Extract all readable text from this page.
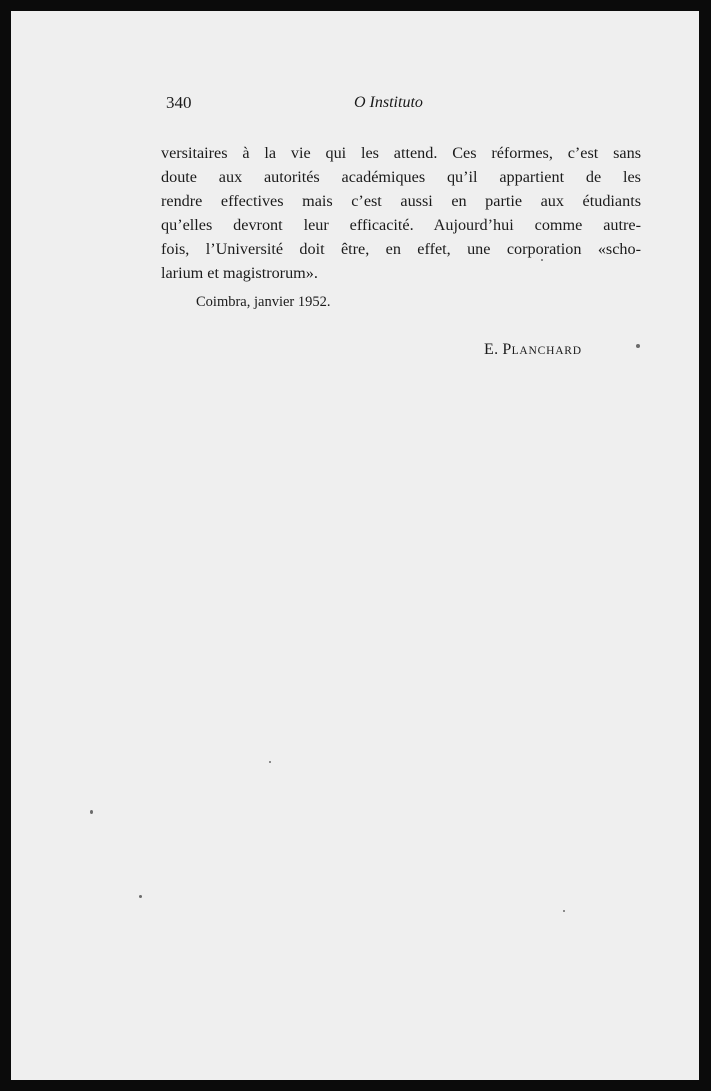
340	O Instituto
versitaires à la vie qui les attend. Ces réformes, c’est sans
doute aux autorités académiques qu’il appartient de les
rendre effectives mais c’est aussi en partie aux étudiants
qu’elles devront leur efficacité. Aujourd’hui comme autre-
fois, l’Université doit être, en effet, une corporation «scho-
larium et magistrorum».
Coimbra, janvier 1952.
E. PLANCHARD
